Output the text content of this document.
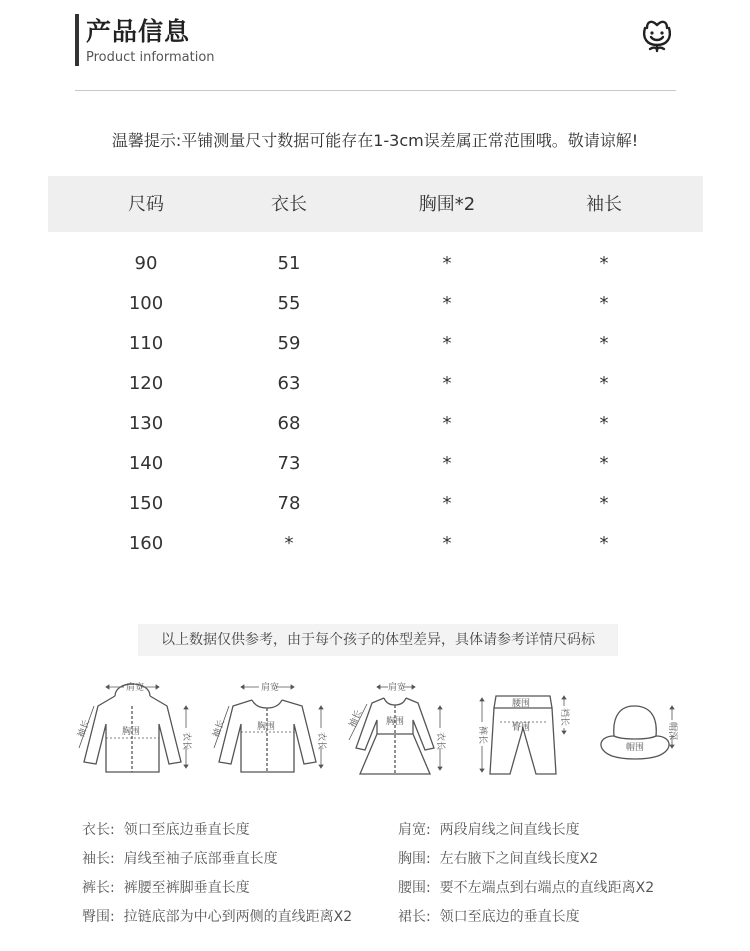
产品信息
Product information
温馨提示:平铺测量尺寸数据可能存在1-3cm误差属正常范围哦。敬请谅解!
尺码	衣长	胸围*2	袖长
90	51	*	*
100	55	*	*
110	59	*	*
120	63	*	*
130	68	*	*
140	73	*	*
150	78	*	*
160	*	*	*
以上数据仅供参考，由于每个孩子的体型差异，具体请参考详情尺码标
肩宽
胸围	衣长
袖长
肩宽
胸围
衣长
袖长
肩宽
胸围
衣长
袖长
腰围
臀围
裤长
裆长
帽围
帽深
衣长: 领口至底边垂直长度	肩宽: 两段肩线之间直线长度
袖长: 肩线至袖子底部垂直长度	胸围: 左右腋下之间直线长度X2
裤长: 裤腰至裤脚垂直长度	腰围: 要不左端点到右端点的直线距离X2
臀围: 拉链底部为中心到两侧的直线距离X2	裙长: 领口至底边的垂直长度
